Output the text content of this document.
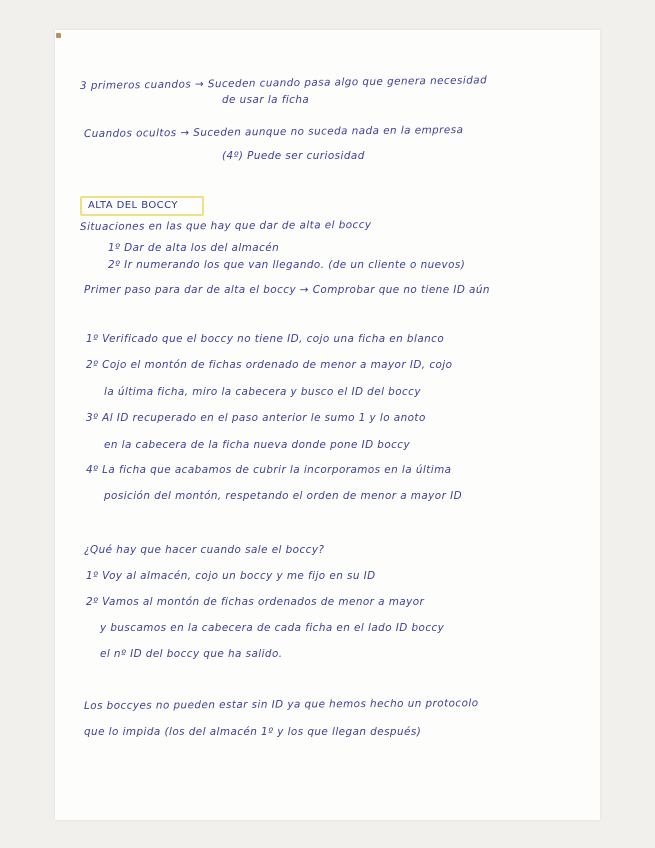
3 primeros cuandos → Suceden cuando pasa algo que genera necesidad

de usar la ficha

Cuandos ocultos → Suceden aunque no suceda nada en la empresa

(4º) Puede ser curiosidad

ALTA DEL BOCCY

Situaciones en las que hay que dar de alta el boccy

1º Dar de alta los del almacén

2º Ir numerando los que van llegando. (de un cliente o nuevos)

Primer paso para dar de alta el boccy → Comprobar que no tiene ID aún

1º Verificado que el boccy no tiene ID, cojo una ficha en blanco

2º Cojo el montón de fichas ordenado de menor a mayor ID, cojo

la última ficha, miro la cabecera y busco el ID del boccy

3º Al ID recuperado en el paso anterior le sumo 1 y lo anoto

en la cabecera de la ficha nueva donde pone ID boccy

4º La ficha que acabamos de cubrir la incorporamos en la última

posición del montón, respetando el orden de menor a mayor ID

¿Qué hay que hacer cuando sale el boccy?

1º Voy al almacén, cojo un boccy y me fijo en su ID

2º Vamos al montón de fichas ordenados de menor a mayor

y buscamos en la cabecera de cada ficha en el lado ID boccy

el nº ID del boccy que ha salido.

Los boccyes no pueden estar sin ID ya que hemos hecho un protocolo

que lo impida (los del almacén 1º y los que llegan después)
